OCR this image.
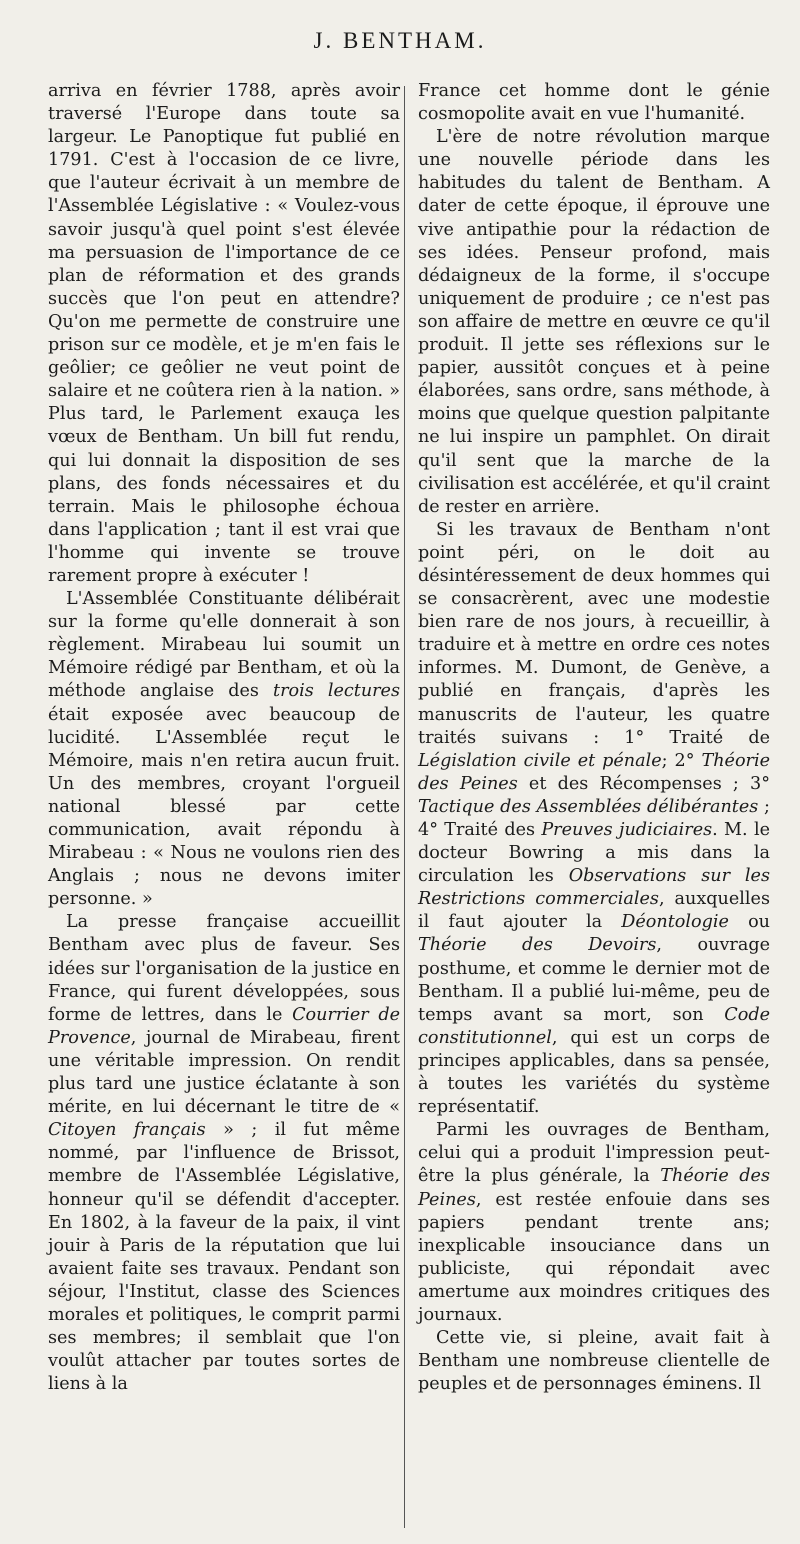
J. BENTHAM.

arriva en février 1788, après avoir traversé l'Europe dans toute sa largeur. Le Panoptique fut publié en 1791. C'est à l'occasion de ce livre, que l'auteur écrivait à un membre de l'Assemblée Législative : « Voulez-vous savoir jusqu'à quel point s'est élevée ma persuasion de l'importance de ce plan de réformation et des grands succès que l'on peut en attendre? Qu'on me permette de construire une prison sur ce modèle, et je m'en fais le geôlier; ce geôlier ne veut point de salaire et ne coûtera rien à la nation. » Plus tard, le Parlement exauça les vœux de Bentham. Un bill fut rendu, qui lui donnait la disposition de ses plans, des fonds nécessaires et du terrain. Mais le philosophe échoua dans l'application ; tant il est vrai que l'homme qui invente se trouve rarement propre à exécuter !

L'Assemblée Constituante délibérait sur la forme qu'elle donnerait à son règlement. Mirabeau lui soumit un Mémoire rédigé par Bentham, et où la méthode anglaise des trois lectures était exposée avec beaucoup de lucidité. L'Assemblée reçut le Mémoire, mais n'en retira aucun fruit. Un des membres, croyant l'orgueil national blessé par cette communication, avait répondu à Mirabeau : « Nous ne voulons rien des Anglais ; nous ne devons imiter personne. »

La presse française accueillit Bentham avec plus de faveur. Ses idées sur l'organisation de la justice en France, qui furent développées, sous forme de lettres, dans le Courrier de Provence, journal de Mirabeau, firent une véritable impression. On rendit plus tard une justice éclatante à son mérite, en lui décernant le titre de « Citoyen français » ; il fut même nommé, par l'influence de Brissot, membre de l'Assemblée Législative, honneur qu'il se défendit d'accepter. En 1802, à la faveur de la paix, il vint jouir à Paris de la réputation que lui avaient faite ses travaux. Pendant son séjour, l'Institut, classe des Sciences morales et politiques, le comprit parmi ses membres; il semblait que l'on voulût attacher par toutes sortes de liens à la

France cet homme dont le génie cosmopolite avait en vue l'humanité.

L'ère de notre révolution marque une nouvelle période dans les habitudes du talent de Bentham. A dater de cette époque, il éprouve une vive antipathie pour la rédaction de ses idées. Penseur profond, mais dédaigneux de la forme, il s'occupe uniquement de produire ; ce n'est pas son affaire de mettre en œuvre ce qu'il produit. Il jette ses réflexions sur le papier, aussitôt conçues et à peine élaborées, sans ordre, sans méthode, à moins que quelque question palpitante ne lui inspire un pamphlet. On dirait qu'il sent que la marche de la civilisation est accélérée, et qu'il craint de rester en arrière.

Si les travaux de Bentham n'ont point péri, on le doit au désintéressement de deux hommes qui se consacrèrent, avec une modestie bien rare de nos jours, à recueillir, à traduire et à mettre en ordre ces notes informes. M. Dumont, de Genève, a publié en français, d'après les manuscrits de l'auteur, les quatre traités suivans : 1° Traité de Législation civile et pénale; 2° Théorie des Peines et des Récompenses ; 3° Tactique des Assemblées délibérantes ; 4° Traité des Preuves judiciaires. M. le docteur Bowring a mis dans la circulation les Observations sur les Restrictions commerciales, auxquelles il faut ajouter la Déontologie ou Théorie des Devoirs, ouvrage posthume, et comme le dernier mot de Bentham. Il a publié lui-même, peu de temps avant sa mort, son Code constitutionnel, qui est un corps de principes applicables, dans sa pensée, à toutes les variétés du système représentatif.

Parmi les ouvrages de Bentham, celui qui a produit l'impression peut-être la plus générale, la Théorie des Peines, est restée enfouie dans ses papiers pendant trente ans; inexplicable insouciance dans un publiciste, qui répondait avec amertume aux moindres critiques des journaux.

Cette vie, si pleine, avait fait à Bentham une nombreuse clientelle de peuples et de personnages éminens. Il
